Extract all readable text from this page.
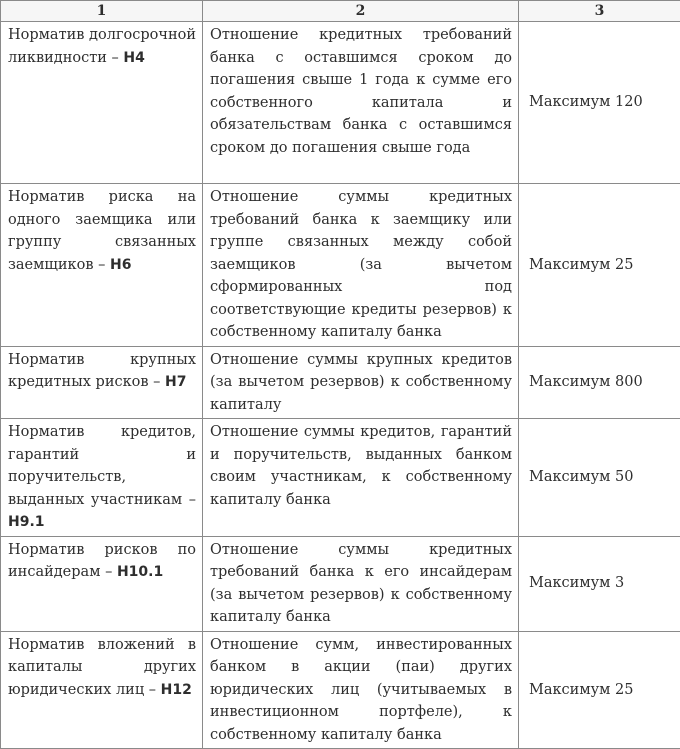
1	2	3
Норматив долгосрочной ликвидности – Н4	Отношение кредитных требований банка с оставшимся сроком до погашения свыше 1 года к сумме его собственного капитала и обязательствам банка с оставшимся сроком до погашения свыше года	Максимум 120
Норматив риска на одного заемщика или группу связанных заемщиков – Н6	Отношение суммы кредитных требований банка к заемщику или группе связанных между собой заемщиков (за вычетом сформированных под соответствующие кредиты резервов) к собственному капиталу банка	Максимум 25
Норматив крупных кредитных рисков – Н7	Отношение суммы крупных кредитов (за вычетом резервов) к собственному капиталу	Максимум 800
Норматив кредитов, гарантий и поручительств, выданных участникам – Н9.1	Отношение суммы кредитов, гарантий и поручительств, выданных банком своим участникам, к собственному капиталу банка	Максимум 50
Норматив рисков по инсайдерам – Н10.1	Отношение суммы кредитных требований банка к его инсайдерам (за вычетом резервов) к собственному капиталу банка	Максимум 3
Норматив вложений в капиталы других юридических лиц – Н12	Отношение сумм, инвестированных банком в акции (паи) других юридических лиц (учитываемых в инвестиционном портфеле), к собственному капиталу банка	Максимум 25
